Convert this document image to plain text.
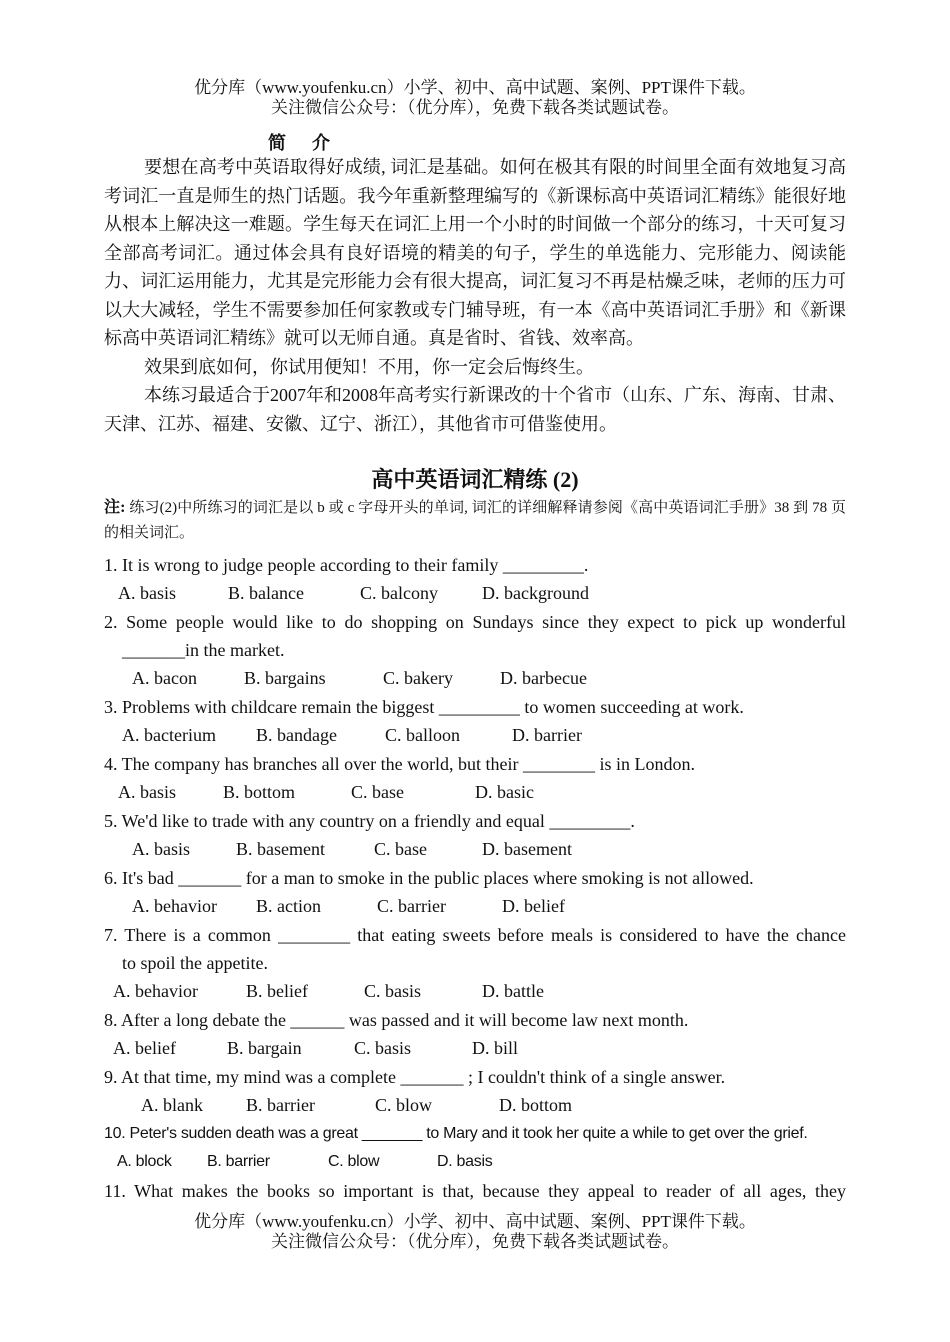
优分库（www.youfenku.cn）小学、初中、高中试题、案例、PPT课件下载。
关注微信公众号：（优分库），免费下载各类试题试卷。
简介

要想在高考中英语取得好成绩, 词汇是基础。如何在极其有限的时间里全面有效地复习高考词汇一直是师生的热门话题。我今年重新整理编写的《新课标高中英语词汇精练》能很好地从根本上解决这一难题。学生每天在词汇上用一个小时的时间做一个部分的练习，十天可复习全部高考词汇。通过体会具有良好语境的精美的句子，学生的单选能力、完形能力、阅读能力、词汇运用能力，尤其是完形能力会有很大提高，词汇复习不再是枯燥乏味，老师的压力可以大大减轻，学生不需要参加任何家教或专门辅导班，有一本《高中英语词汇手册》和《新课标高中英语词汇精练》就可以无师自通。真是省时、省钱、效率高。

效果到底如何，你试用便知！不用，你一定会后悔终生。

本练习最适合于2007年和2008年高考实行新课改的十个省市（山东、广东、海南、甘肃、天津、江苏、福建、安徽、辽宁、浙江），其他省市可借鉴使用。

高中英语词汇精练 (2)
注: 练习(2)中所练习的词汇是以 b 或 c 字母开头的单词, 词汇的详细解释请参阅《高中英语词汇手册》38 到 78 页的相关词汇。
1. It is wrong to judge people according to their family _________.
A. basis	B. balance	C. balcony D. background
2. Some people would like to do shopping on Sundays since they expect to pick up wonderful
_______in the market.
A. bacon	B. bargains	C. bakery	D. barbecue
3. Problems with childcare remain the biggest _________ to women succeeding at work.
A. bacterium B. bandage	C. balloon	D. barrier
4. The company has branches all over the world, but their ________ is in London.
A. basis	B. bottom	C. base	D. basic
5. We'd like to trade with any country on a friendly and equal _________.
A. basis	B. basement	C. base	D. basement
6. It's bad _______ for a man to smoke in the public places where smoking is not allowed.
A. behavior B. action	C. barrier	D. belief
7. There is a common ________ that eating sweets before meals is considered to have the chance
to spoil the appetite.
A. behavior	B. belief	C. basis	D. battle
8. After a long debate the ______ was passed and it will become law next month.
A. belief	B. bargain	C. basis	D. bill
9. At that time, my mind was a complete _______ ; I couldn't think of a single answer.
A. blank B. barrier	C. blow	D. bottom
10. Peter's sudden death was a great _______ to Mary and it took her quite a while to get over the grief.
A. block B. barrier	C. blow	D. basis
11. What makes the books so important is that, because they appeal to reader of all ages, they
优分库（www.youfenku.cn）小学、初中、高中试题、案例、PPT课件下载。
关注微信公众号：（优分库），免费下载各类试题试卷。
